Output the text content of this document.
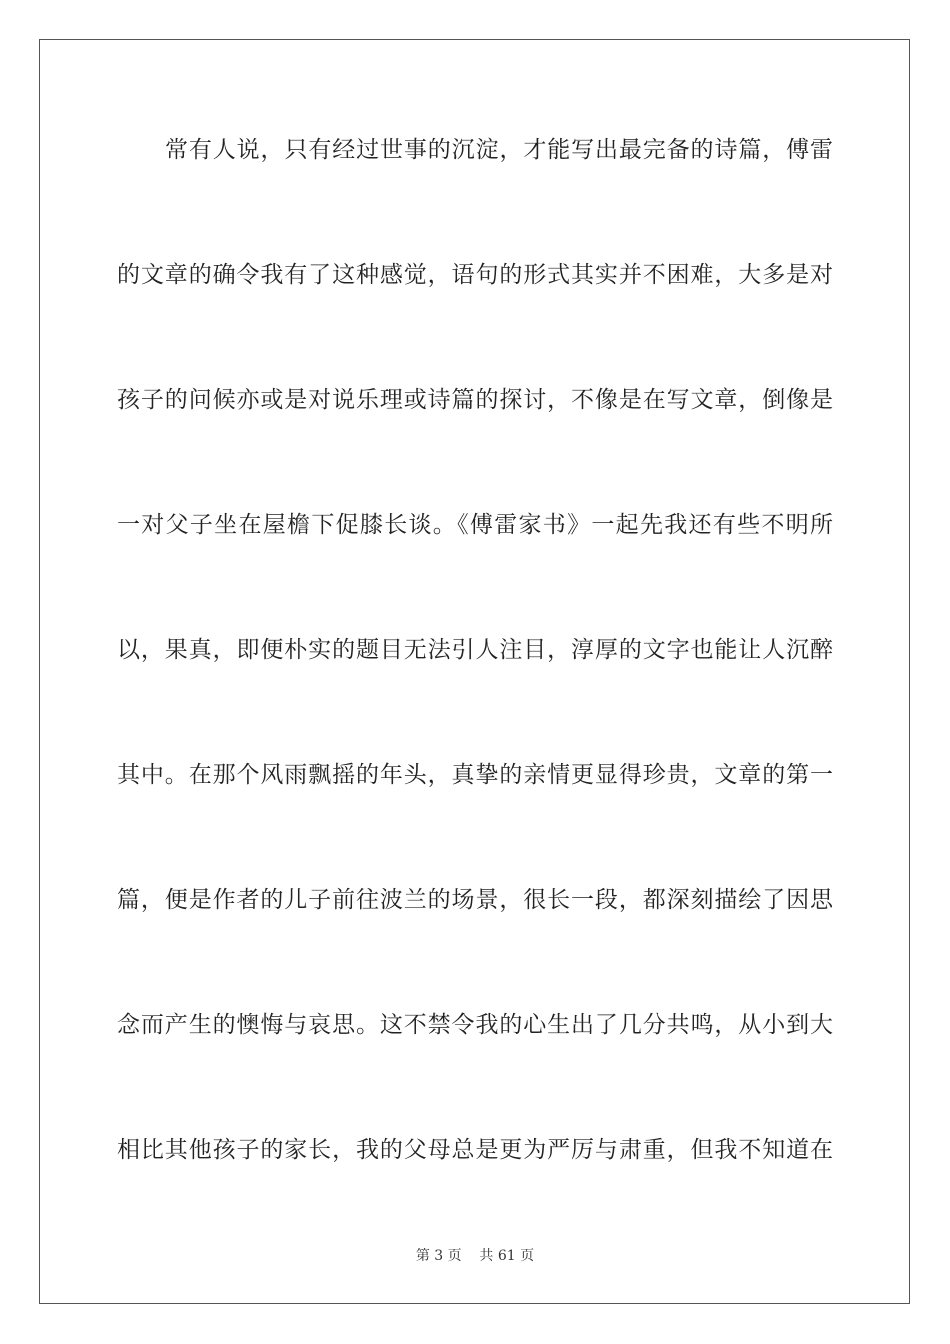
常有人说，只有经过世事的沉淀，才能写出最完备的诗篇，傅雷
的文章的确令我有了这种感觉，语句的形式其实并不困难，大多是对
孩子的问候亦或是对说乐理或诗篇的探讨，不像是在写文章，倒像是
一对父子坐在屋檐下促膝长谈。《傅雷家书》一起先我还有些不明所
以，果真，即便朴实的题目无法引人注目，淳厚的文字也能让人沉醉
其中。在那个风雨飘摇的年头，真挚的亲情更显得珍贵，文章的第一
篇，便是作者的儿子前往波兰的场景，很长一段，都深刻描绘了因思
念而产生的懊悔与哀思。这不禁令我的心生出了几分共鸣，从小到大
相比其他孩子的家长，我的父母总是更为严厉与肃重，但我不知道在
第 3 页    共 61 页
